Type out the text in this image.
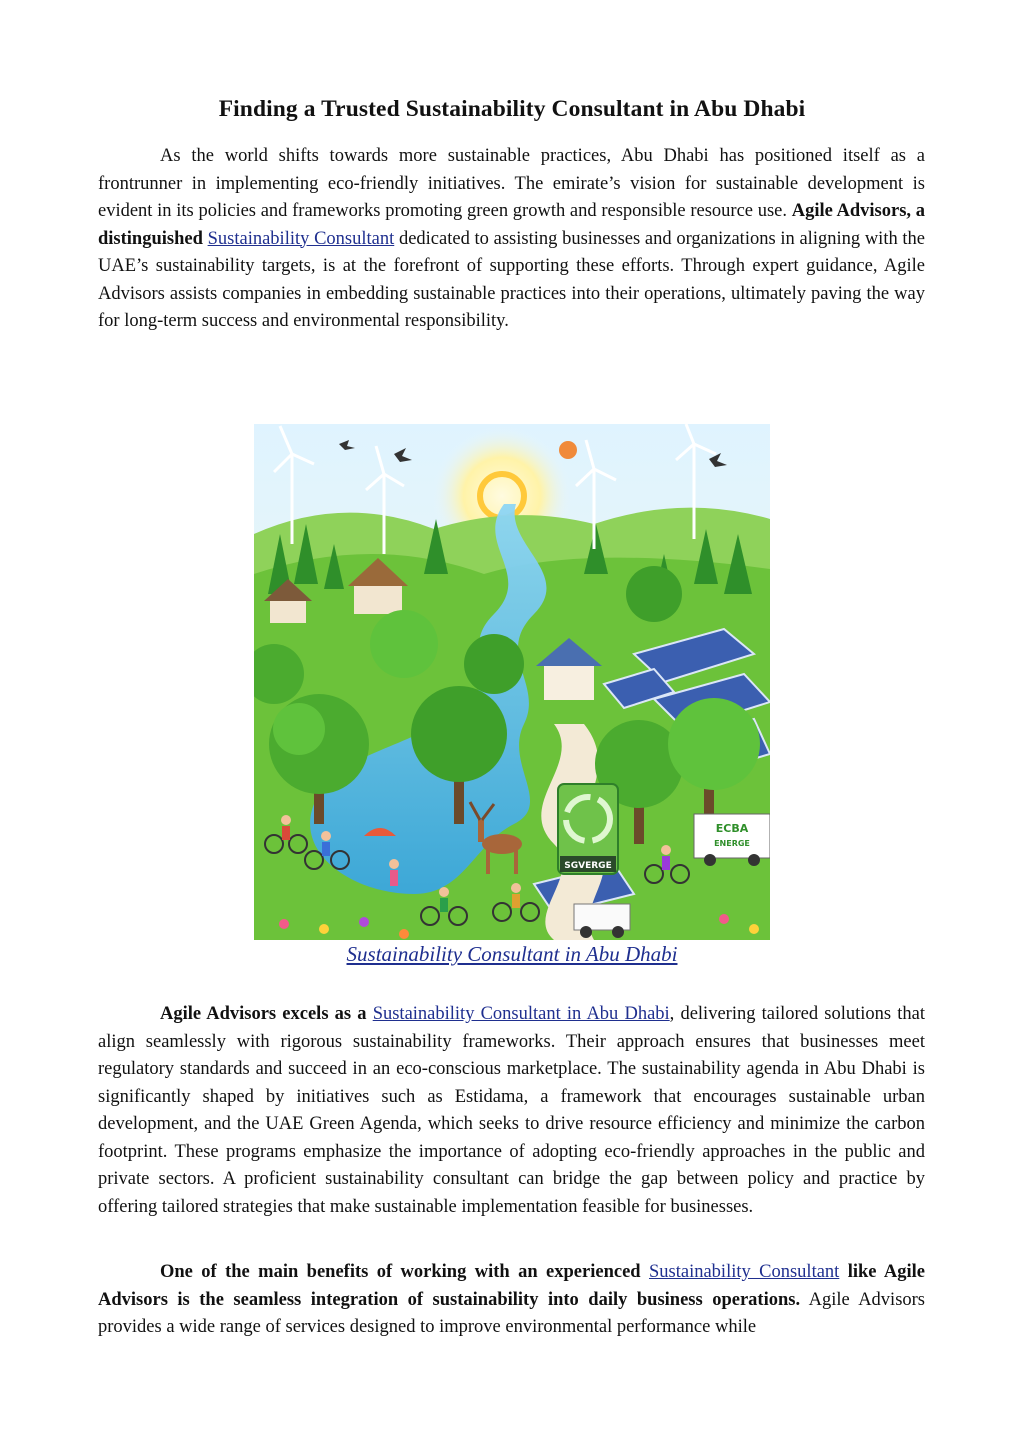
Finding a Trusted Sustainability Consultant in Abu Dhabi

As the world shifts towards more sustainable practices, Abu Dhabi has positioned itself as a frontrunner in implementing eco-friendly initiatives. The emirate’s vision for sustainable development is evident in its policies and frameworks promoting green growth and responsible resource use. Agile Advisors, a distinguished Sustainability Consultant dedicated to assisting businesses and organizations in aligning with the UAE’s sustainability targets, is at the forefront of supporting these efforts. Through expert guidance, Agile Advisors assists companies in embedding sustainable practices into their operations, ultimately paving the way for long-term success and environmental responsibility.

SGVERGE
ECBA
ENERGE
Sustainability Consultant in Abu Dhabi

Agile Advisors excels as a Sustainability Consultant in Abu Dhabi, delivering tailored solutions that align seamlessly with rigorous sustainability frameworks. Their approach ensures that businesses meet regulatory standards and succeed in an eco-conscious marketplace. The sustainability agenda in Abu Dhabi is significantly shaped by initiatives such as Estidama, a framework that encourages sustainable urban development, and the UAE Green Agenda, which seeks to drive resource efficiency and minimize the carbon footprint. These programs emphasize the importance of adopting eco-friendly approaches in the public and private sectors. A proficient sustainability consultant can bridge the gap between policy and practice by offering tailored strategies that make sustainable implementation feasible for businesses.

One of the main benefits of working with an experienced Sustainability Consultant like Agile Advisors is the seamless integration of sustainability into daily business operations. Agile Advisors provides a wide range of services designed to improve environmental performance while
